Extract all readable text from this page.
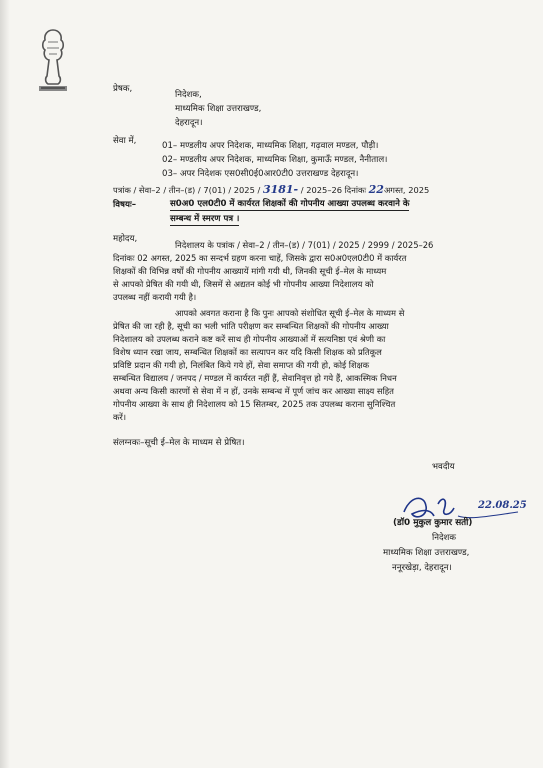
प्रेषक,
निदेशक,
माध्यमिक शिक्षा उत्तराखण्ड,
देहरादून।
सेवा में,	01– मण्डलीय अपर निदेशक, माध्यमिक शिक्षा, गढ़वाल मण्डल, पौड़ी।
02– मण्डलीय अपर निदेशक, माध्यमिक शिक्षा, कुमाऊँ मण्डल, नैनीताल।
03– अपर निदेशक एस0सी0ई0आर0टी0 उत्तराखण्ड देहरादून।
पत्रांक / सेवा–2 / तीन–(ड) / 7(01) / 2025 / 3181- / 2025–26 दिनांकः 22अगस्त, 2025
विषयः–	स0अ0 एल0टी0 में कार्यरत शिक्षकों की गोपनीय आख्या उपलब्ध करवाने के
सम्बन्ध में स्मरण पत्र ।
महोदय,
निदेशालय के पत्रांक / सेवा–2 / तीन–(ड) / 7(01) / 2025 / 2999 / 2025–26
दिनांकः 02 अगस्त, 2025 का सन्दर्भ ग्रहण करना चाहें, जिसके द्वारा स0अ0एल0टी0 में कार्यरत
शिक्षकों की विभिन्न वर्षों की गोपनीय आख्यायें मांगी गयी थी, जिनकी सूची ई–मेल के माध्यम
से आपको प्रेषित की गयी थी, जिसमें से अद्यतन कोई भी गोपनीय आख्या निदेशालय को
उपलब्ध नहीं करायी गयी है।
आपको अवगत कराना है कि पुनः आपको संशोधित सूची ई–मेल के माध्यम से
प्रेषित की जा रही है, सूची का भली भांति परीक्षण कर सम्बन्धित शिक्षकों की गोपनीय आख्या
निदेशालय को उपलब्ध कराने कष्ट करें साथ ही गोपनीय आख्याओं में सत्यनिष्ठा एवं श्रेणी का
विशेष ध्यान रखा जाय, सम्बन्धित शिक्षकों का सत्यापन कर यदि किसी शिक्षक को प्रतिकूल
प्रविष्टि प्रदान की गयी हो, निलंबित किये गये हों, सेवा समाप्त की गयी हो, कोई शिक्षक
सम्बन्धित विद्यालय / जनपद / मण्डल में कार्यरत नहीं हैं, सेवानिवृत्त हो गये हैं, आकस्मिक निधन
अथवा अन्य किसी कारणों से सेवा में न हों, उनके सम्बन्ध में पूर्ण जांच कर आख्या साक्ष्य सहित
गोपनीय आख्या के साथ ही निदेशालय को 15 सितम्बर, 2025 तक उपलब्ध कराना सुनिश्चित
करें।
संलग्नकः–सूची ई–मेल के माध्यम से प्रेषित।
भवदीय
22.08.25
(डॉ0 मुकुल कुमार सती)
निदेशक
माध्यमिक शिक्षा उत्तराखण्ड,
ननूरखेड़ा, देहरादून।
